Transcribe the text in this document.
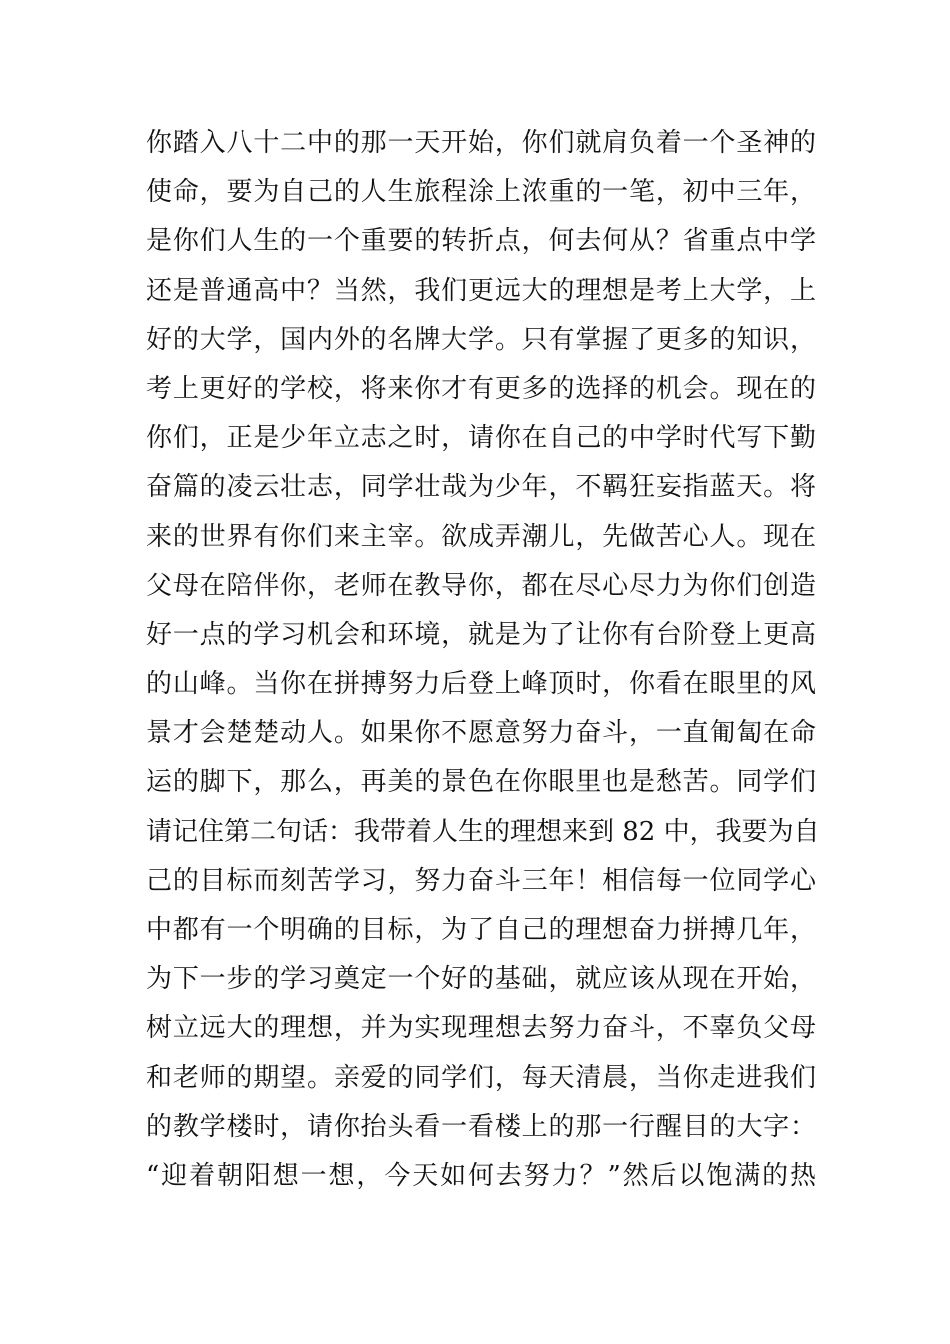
你踏入八十二中的那一天开始，你们就肩负着一个圣神的
使命，要为自己的人生旅程涂上浓重的一笔，初中三年，
是你们人生的一个重要的转折点，何去何从？省重点中学
还是普通高中？当然，我们更远大的理想是考上大学，上
好的大学，国内外的名牌大学。只有掌握了更多的知识，
考上更好的学校，将来你才有更多的选择的机会。现在的
你们，正是少年立志之时，请你在自己的中学时代写下勤
奋篇的凌云壮志，同学壮哉为少年，不羁狂妄指蓝天。将
来的世界有你们来主宰。欲成弄潮儿，先做苦心人。现在
父母在陪伴你，老师在教导你，都在尽心尽力为你们创造
好一点的学习机会和环境，就是为了让你有台阶登上更高
的山峰。当你在拼搏努力后登上峰顶时，你看在眼里的风
景才会楚楚动人。如果你不愿意努力奋斗，一直匍匐在命
运的脚下，那么，再美的景色在你眼里也是愁苦。同学们
请记住第二句话：我带着人生的理想来到 82 中，我要为自
己的目标而刻苦学习，努力奋斗三年！相信每一位同学心
中都有一个明确的目标，为了自己的理想奋力拼搏几年，
为下一步的学习奠定一个好的基础，就应该从现在开始，
树立远大的理想，并为实现理想去努力奋斗，不辜负父母
和老师的期望。亲爱的同学们，每天清晨，当你走进我们
的教学楼时，请你抬头看一看楼上的那一行醒目的大字：
“迎着朝阳想一想，今天如何去努力？”然后以饱满的热
